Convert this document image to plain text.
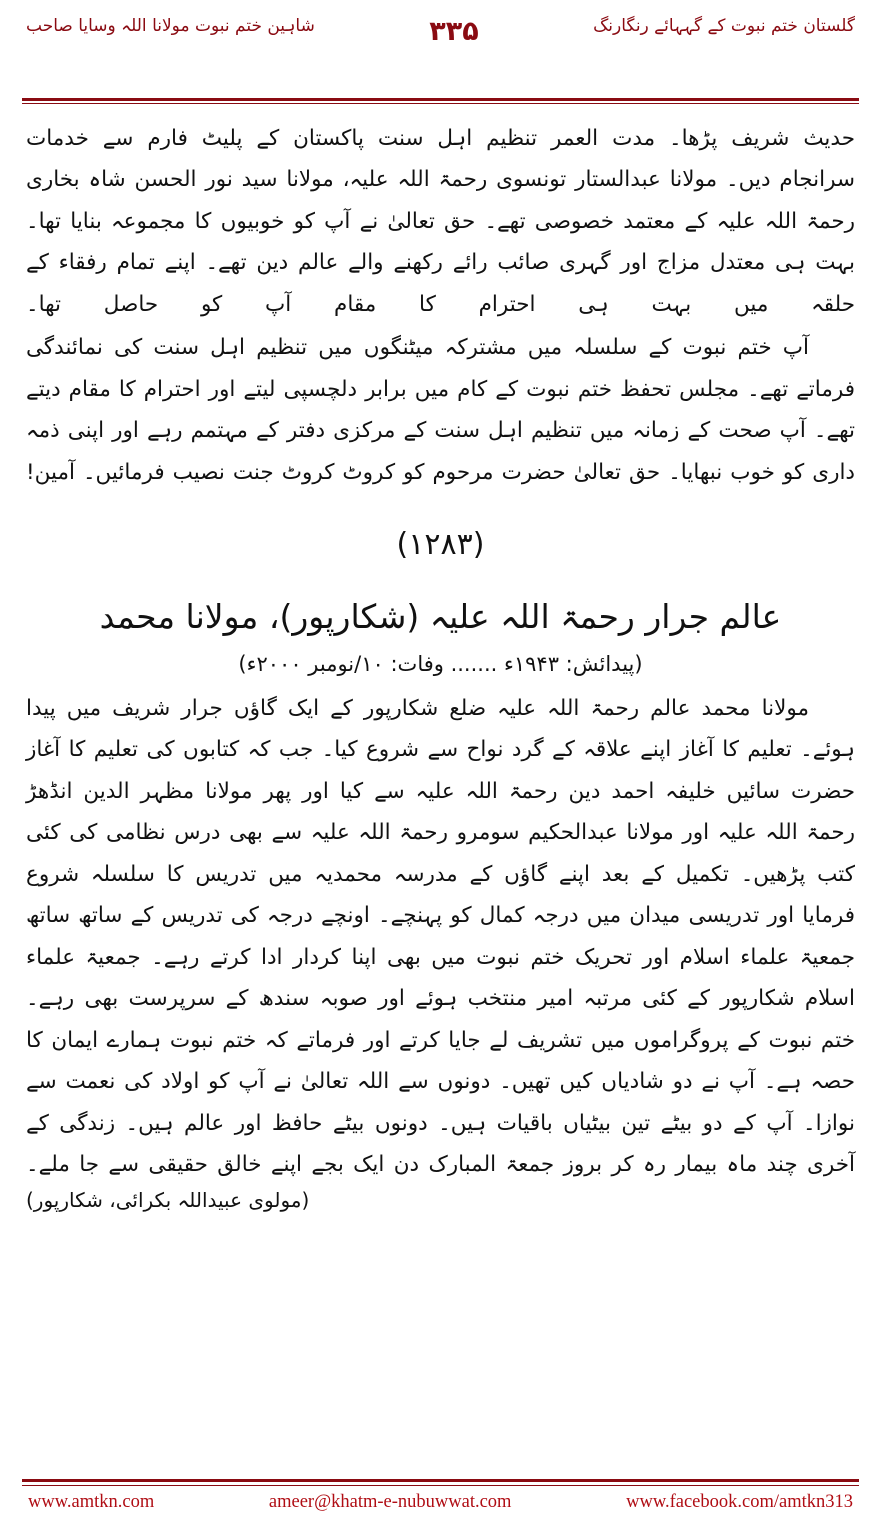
گلستان ختم نبوت کے گہہائے رنگارنگ
۳۳۵
شاہین ختم نبوت مولانا اللہ وسایا صاحب

حدیث شریف پڑھا۔ مدت العمر تنظیم اہل سنت پاکستان کے پلیٹ فارم سے خدمات سرانجام دیں۔ مولانا عبدالستار تونسوی رحمۃ اللہ علیہ، مولانا سید نور الحسن شاہ بخاری رحمۃ اللہ علیہ کے معتمد خصوصی تھے۔ حق تعالیٰ نے آپ کو خوبیوں کا مجموعہ بنایا تھا۔ بہت ہی معتدل مزاج اور گہری صائب رائے رکھنے والے عالم دین تھے۔ اپنے تمام رفقاء کے حلقہ میں بہت ہی احترام کا مقام آپ کو حاصل تھا۔

آپ ختم نبوت کے سلسلہ میں مشترکہ میٹنگوں میں تنظیم اہل سنت کی نمائندگی فرماتے تھے۔ مجلس تحفظ ختم نبوت کے کام میں برابر دلچسپی لیتے اور احترام کا مقام دیتے تھے۔ آپ صحت کے زمانہ میں تنظیم اہل سنت کے مرکزی دفتر کے مہتمم رہے اور اپنی ذمہ داری کو خوب نبھایا۔ حق تعالیٰ حضرت مرحوم کو کروٹ کروٹ جنت نصیب فرمائیں۔ آمین!

(۱۲۸۳)
عالم جرار رحمۃ اللہ علیہ (شکارپور)، مولانا محمد
(پیدائش: ۱۹۴۳ء ....... وفات: ۱۰/نومبر ۲۰۰۰ء)

مولانا محمد عالم رحمۃ اللہ علیہ ضلع شکارپور کے ایک گاؤں جرار شریف میں پیدا ہوئے۔ تعلیم کا آغاز اپنے علاقہ کے گرد نواح سے شروع کیا۔ جب کہ کتابوں کی تعلیم کا آغاز حضرت سائیں خلیفہ احمد دین رحمۃ اللہ علیہ سے کیا اور پھر مولانا مظہر الدین انڈھڑ رحمۃ اللہ علیہ اور مولانا عبدالحکیم سومرو رحمۃ اللہ علیہ سے بھی درس نظامی کی کئی کتب پڑھیں۔ تکمیل کے بعد اپنے گاؤں کے مدرسہ محمدیہ میں تدریس کا سلسلہ شروع فرمایا اور تدریسی میدان میں درجہ کمال کو پہنچے۔ اونچے درجہ کی تدریس کے ساتھ ساتھ جمعیۃ علماء اسلام اور تحریک ختم نبوت میں بھی اپنا کردار ادا کرتے رہے۔ جمعیۃ علماء اسلام شکارپور کے کئی مرتبہ امیر منتخب ہوئے اور صوبہ سندھ کے سرپرست بھی رہے۔ ختم نبوت کے پروگراموں میں تشریف لے جایا کرتے اور فرماتے کہ ختم نبوت ہمارے ایمان کا حصہ ہے۔ آپ نے دو شادیاں کیں تھیں۔ دونوں سے اللہ تعالیٰ نے آپ کو اولاد کی نعمت سے نوازا۔ آپ کے دو بیٹے تین بیٹیاں باقیات ہیں۔ دونوں بیٹے حافظ اور عالم ہیں۔ زندگی کے آخری چند ماہ بیمار رہ کر بروز جمعۃ المبارک دن ایک بجے اپنے خالق حقیقی سے جا ملے۔

(مولوی عبیداللہ بکرائی، شکارپور)
www.amtkn.com	ameer@khatm-e-nubuwwat.com	www.facebook.com/amtkn313
